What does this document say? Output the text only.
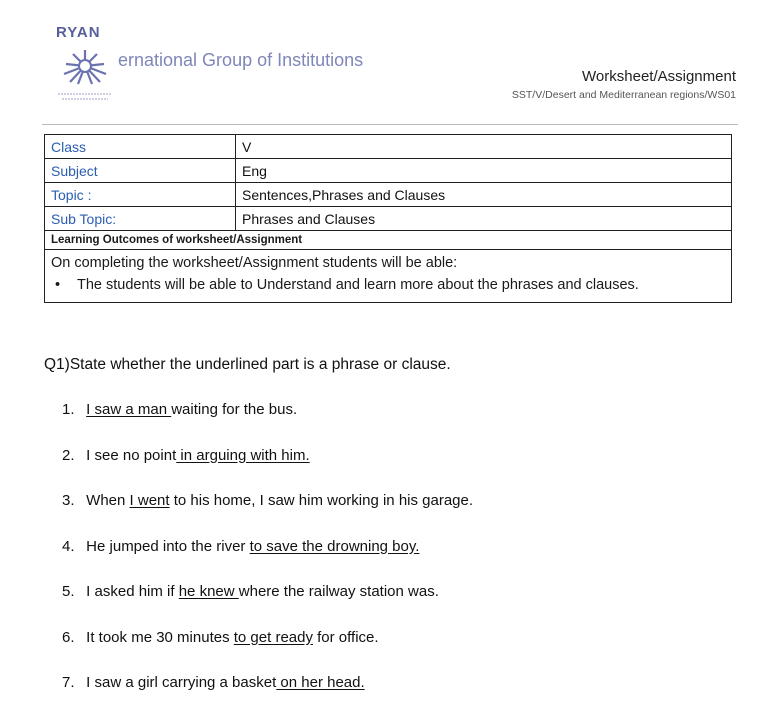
RYAN
ernational Group of Institutions
Worksheet/Assignment
SST/V/Desert and Mediterranean regions/WS01
Class	V
Subject	Eng
Topic :	Sentences,Phrases and Clauses
Sub Topic:	Phrases and Clauses
Learning Outcomes of worksheet/Assignment	

On completing the worksheet/Assignment students will be able:
• The students will be able to Understand and learn more about the phrases and clauses.	
Q1)State whether the underlined part is a phrase or clause.
1. I saw a man waiting for the bus.
2. I see no point in arguing with him.
3. When I went to his home, I saw him working in his garage.
4. He jumped into the river to save the drowning boy.
5. I asked him if he knew where the railway station was.
6. It took me 30 minutes to get ready for office.
7. I saw a girl carrying a basket on her head.
